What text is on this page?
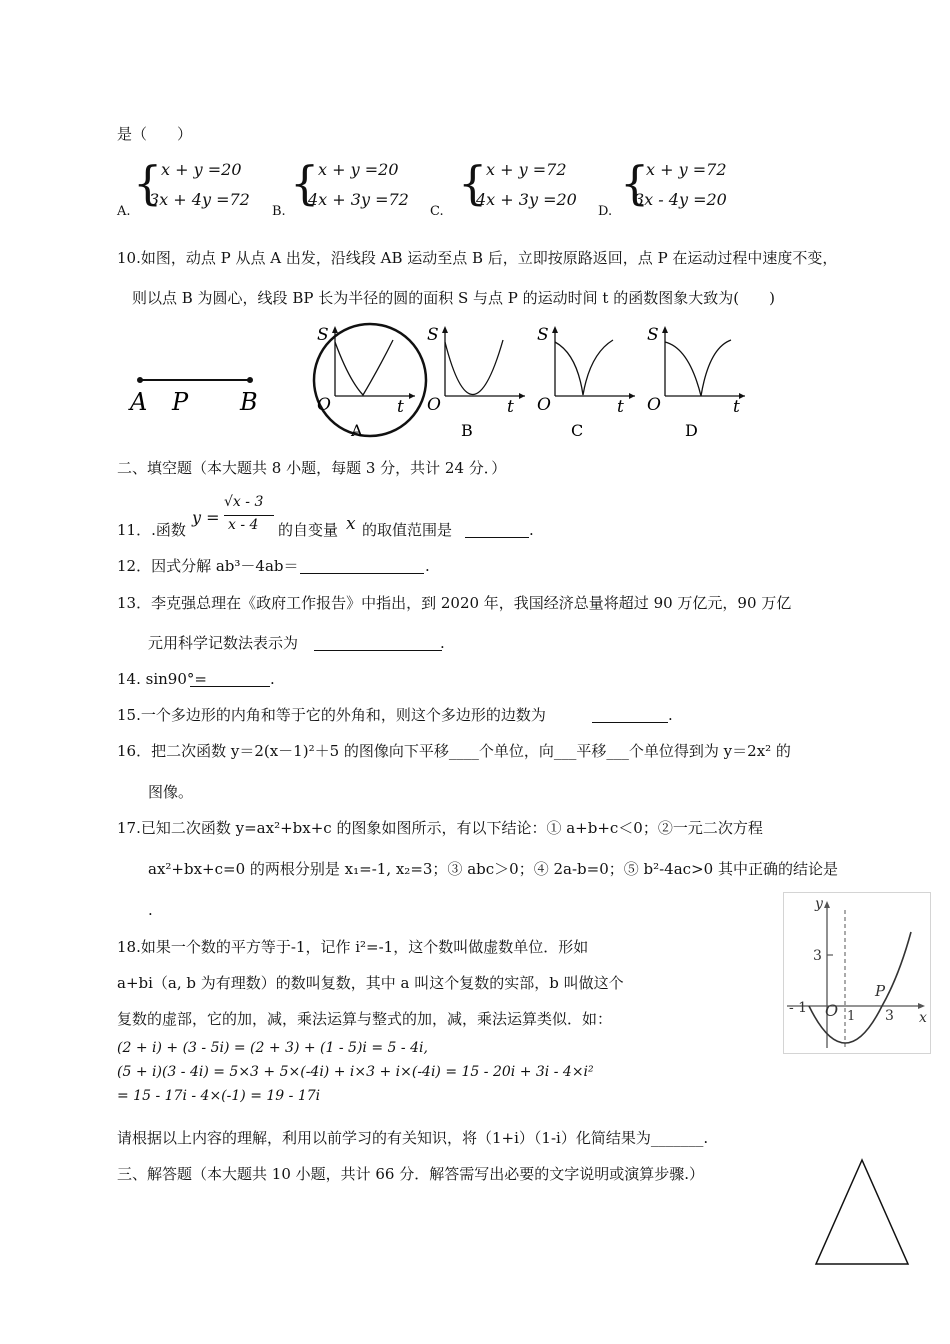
是（　　）
A.
{
x + y =20
3x + 4y =72
B.
{
x + y =20
4x + 3y =72
C.
{
x + y =72
4x + 3y =20
D.
{
x + y =72
3x - 4y =20
10.如图，动点 P 从点 A 出发，沿线段 AB 运动至点 B 后，立即按原路返回，点 P 在运动过程中速度不变，
则以点 B 为圆心，线段 BP 长为半径的圆的面积 S 与点 P 的运动时间 t 的函数图象大致为(　　)
A P B
S
O	t
A
S
O	t
B
S
O	t
C
S
O	t
D
二、填空题（本大题共 8 小题，每题 3 分，共计 24 分．）
11．.函数
y =
√x - 3
x - 4 的自变量 x 的取值范围是	.
12．因式分解 ab³－4ab＝	.
13．李克强总理在《政府工作报告》中指出，到 2020 年，我国经济总量将超过 90 万亿元，90 万亿
元用科学记数法表示为	.
14. sin90°=	.
15.一个多边形的内角和等于它的外角和，则这个多边形的边数为	.
16．把二次函数 y＝2(x－1)²＋5 的图像向下平移____个单位，向___平移___个单位得到为 y＝2x² 的
图像。
17.已知二次函数 y=ax²+bx+c 的图象如图所示，有以下结论：① a+b+c＜0；②一元二次方程
ax²+bx+c=0 的两根分别是 x₁=-1, x₂=3；③ abc＞0；④ 2a-b=0；⑤ b²-4ac>0 其中正确的结论是
.	y
x
3
- 1 O 1 3
P
18.如果一个数的平方等于-1，记作 i²=-1，这个数叫做虚数单位．形如
a+bi（a, b 为有理数）的数叫复数，其中 a 叫这个复数的实部，b 叫做这个
复数的虚部，它的加，减，乘法运算与整式的加，减，乘法运算类似．如：
(2 + i) + (3 - 5i) = (2 + 3) + (1 - 5)i = 5 - 4i,
(5 + i)(3 - 4i) = 5×3 + 5×(-4i) + i×3 + i×(-4i) = 15 - 20i + 3i - 4×i²
= 15 - 17i - 4×(-1) = 19 - 17i
请根据以上内容的理解，利用以前学习的有关知识，将（1+i）（1-i）化简结果为_______.
三、解答题（本大题共 10 小题，共计 66 分．解答需写出必要的文字说明或演算步骤.）
